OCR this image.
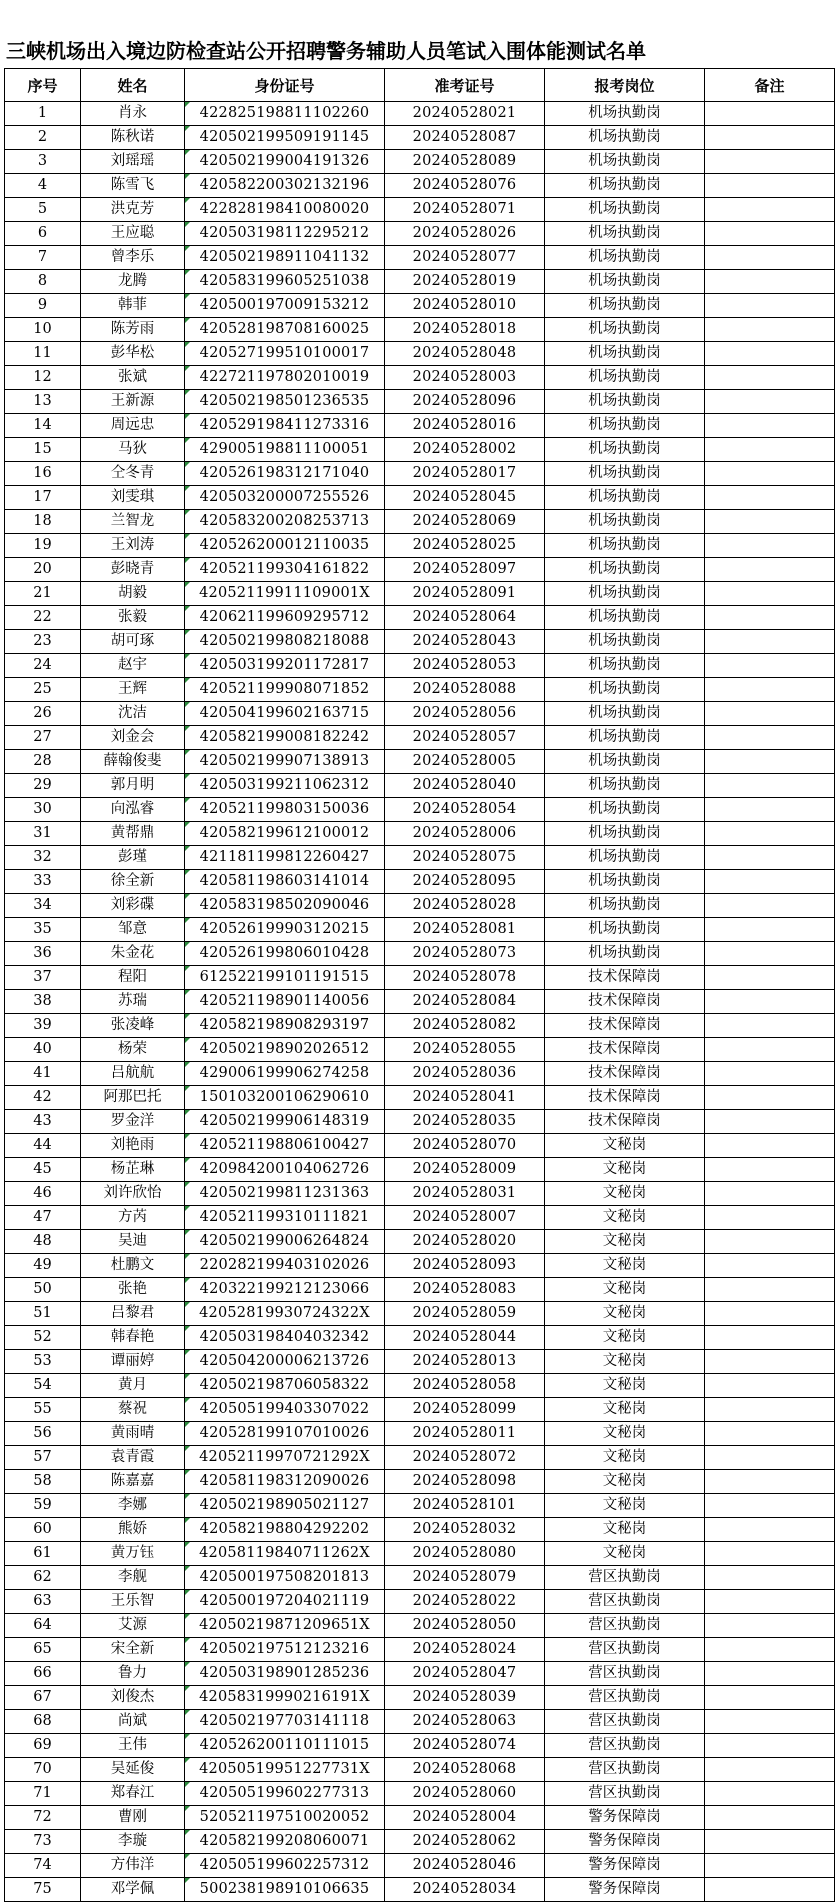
三峡机场出入境边防检查站公开招聘警务辅助人员笔试入围体能测试名单
序号	姓名	身份证号	准考证号	报考岗位	备注
1	肖永	422825198811102260	20240528021	机场执勤岗	
2	陈秋诺	420502199509191145	20240528087	机场执勤岗	
3	刘瑶瑶	420502199004191326	20240528089	机场执勤岗	
4	陈雪飞	420582200302132196	20240528076	机场执勤岗	
5	洪克芳	422828198410080020	20240528071	机场执勤岗	
6	王应聪	420503198112295212	20240528026	机场执勤岗	
7	曾李乐	420502198911041132	20240528077	机场执勤岗	
8	龙腾	420583199605251038	20240528019	机场执勤岗	
9	韩菲	420500197009153212	20240528010	机场执勤岗	
10	陈芳雨	420528198708160025	20240528018	机场执勤岗	
11	彭华松	420527199510100017	20240528048	机场执勤岗	
12	张斌	422721197802010019	20240528003	机场执勤岗	
13	王新源	420502198501236535	20240528096	机场执勤岗	
14	周远忠	420529198411273316	20240528016	机场执勤岗	
15	马狄	429005198811100051	20240528002	机场执勤岗	
16	仝冬青	420526198312171040	20240528017	机场执勤岗	
17	刘雯琪	420503200007255526	20240528045	机场执勤岗	
18	兰智龙	420583200208253713	20240528069	机场执勤岗	
19	王刘涛	420526200012110035	20240528025	机场执勤岗	
20	彭晓青	420521199304161822	20240528097	机场执勤岗	
21	胡毅	42052119911109001X	20240528091	机场执勤岗	
22	张毅	420621199609295712	20240528064	机场执勤岗	
23	胡可琢	420502199808218088	20240528043	机场执勤岗	
24	赵宇	420503199201172817	20240528053	机场执勤岗	
25	王辉	420521199908071852	20240528088	机场执勤岗	
26	沈洁	420504199602163715	20240528056	机场执勤岗	
27	刘金会	420582199008182242	20240528057	机场执勤岗	
28	薛翰俊斐	420502199907138913	20240528005	机场执勤岗	
29	郭月明	420503199211062312	20240528040	机场执勤岗	
30	向泓睿	420521199803150036	20240528054	机场执勤岗	
31	黄帮鼎	420582199612100012	20240528006	机场执勤岗	
32	彭瑾	421181199812260427	20240528075	机场执勤岗	
33	徐全新	420581198603141014	20240528095	机场执勤岗	
34	刘彩碟	420583198502090046	20240528028	机场执勤岗	
35	邹意	420526199903120215	20240528081	机场执勤岗	
36	朱金花	420526199806010428	20240528073	机场执勤岗	
37	程阳	612522199101191515	20240528078	技术保障岗	
38	苏瑞	420521198901140056	20240528084	技术保障岗	
39	张凌峰	420582198908293197	20240528082	技术保障岗	
40	杨荣	420502198902026512	20240528055	技术保障岗	
41	吕航航	429006199906274258	20240528036	技术保障岗	
42	阿那巴托	150103200106290610	20240528041	技术保障岗	
43	罗金洋	420502199906148319	20240528035	技术保障岗	
44	刘艳雨	420521198806100427	20240528070	文秘岗	
45	杨芷琳	420984200104062726	20240528009	文秘岗	
46	刘许欣怡	420502199811231363	20240528031	文秘岗	
47	方芮	420521199310111821	20240528007	文秘岗	
48	吴迪	420502199006264824	20240528020	文秘岗	
49	杜鹏文	220282199403102026	20240528093	文秘岗	
50	张艳	420322199212123066	20240528083	文秘岗	
51	吕黎君	42052819930724322X	20240528059	文秘岗	
52	韩春艳	420503198404032342	20240528044	文秘岗	
53	谭丽婷	420504200006213726	20240528013	文秘岗	
54	黄月	420502198706058322	20240528058	文秘岗	
55	蔡祝	420505199403307022	20240528099	文秘岗	
56	黄雨晴	420528199107010026	20240528011	文秘岗	
57	袁青霞	42052119970721292X	20240528072	文秘岗	
58	陈嘉嘉	420581198312090026	20240528098	文秘岗	
59	李娜	420502198905021127	20240528101	文秘岗	
60	熊娇	420582198804292202	20240528032	文秘岗	
61	黄万钰	42058119840711262X	20240528080	文秘岗	
62	李舰	420500197508201813	20240528079	营区执勤岗	
63	王乐智	420500197204021119	20240528022	营区执勤岗	
64	艾源	42050219871209651X	20240528050	营区执勤岗	
65	宋全新	420502197512123216	20240528024	营区执勤岗	
66	鲁力	420503198901285236	20240528047	营区执勤岗	
67	刘俊杰	42058319990216191X	20240528039	营区执勤岗	
68	尚斌	420502197703141118	20240528063	营区执勤岗	
69	王伟	420526200110111015	20240528074	营区执勤岗	
70	吴延俊	42050519951227731X	20240528068	营区执勤岗	
71	郑春江	420505199602277313	20240528060	营区执勤岗	
72	曹刚	520521197510020052	20240528004	警务保障岗	
73	李璇	420582199208060071	20240528062	警务保障岗	
74	方伟洋	420505199602257312	20240528046	警务保障岗	
75	邓学佩	500238198910106635	20240528034	警务保障岗	
